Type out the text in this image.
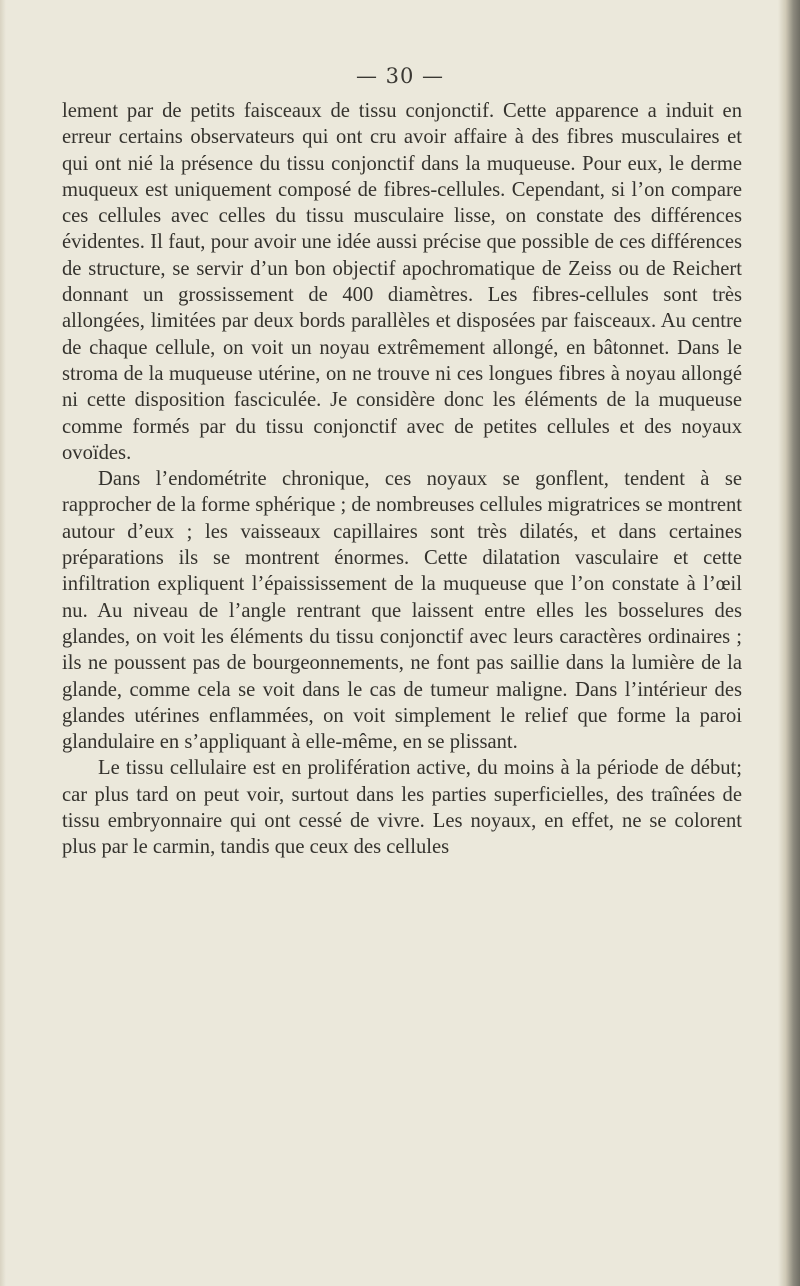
— 30 —

lement par de petits faisceaux de tissu conjonctif. Cette apparence a induit en erreur certains observateurs qui ont cru avoir affaire à des fibres musculaires et qui ont nié la présence du tissu conjonctif dans la muqueuse. Pour eux, le derme muqueux est uniquement composé de fibres-cellules. Cependant, si l’on compare ces cellules avec celles du tissu musculaire lisse, on constate des différences évidentes. Il faut, pour avoir une idée aussi précise que possible de ces différences de structure, se servir d’un bon objectif apochromatique de Zeiss ou de Reichert donnant un grossissement de 400 diamètres. Les fibres-cellules sont très allongées, limitées par deux bords parallèles et disposées par faisceaux. Au centre de chaque cellule, on voit un noyau extrêmement allongé, en bâtonnet. Dans le stroma de la muqueuse utérine, on ne trouve ni ces longues fibres à noyau allongé ni cette disposition fasciculée. Je considère donc les éléments de la muqueuse comme formés par du tissu conjonctif avec de petites cellules et des noyaux ovoïdes.

Dans l’endométrite chronique, ces noyaux se gonflent, tendent à se rapprocher de la forme sphérique ; de nombreuses cellules migratrices se montrent autour d’eux ; les vaisseaux capillaires sont très dilatés, et dans certaines préparations ils se montrent énormes. Cette dilatation vasculaire et cette infiltration expliquent l’épaississement de la muqueuse que l’on constate à l’œil nu. Au niveau de l’angle rentrant que laissent entre elles les bosselures des glandes, on voit les éléments du tissu conjonctif avec leurs caractères ordinaires ; ils ne poussent pas de bourgeonnements, ne font pas saillie dans la lumière de la glande, comme cela se voit dans le cas de tumeur maligne. Dans l’intérieur des glandes utérines enflammées, on voit simplement le relief que forme la paroi glandulaire en s’appliquant à elle-même, en se plissant.

Le tissu cellulaire est en prolifération active, du moins à la période de début; car plus tard on peut voir, surtout dans les parties superficielles, des traînées de tissu embryonnaire qui ont cessé de vivre. Les noyaux, en effet, ne se colorent plus par le carmin, tandis que ceux des cellules
